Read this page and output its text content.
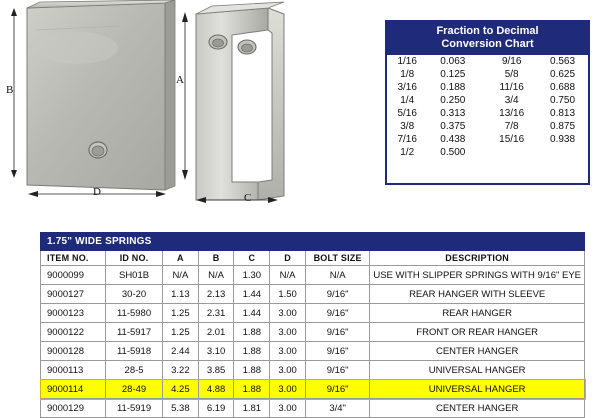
B
A
D	C
Fraction to Decimal
Conversion Chart
1/16	0.063		9/16	0.563
1/8	0.125		5/8	0.625
3/16	0.188		11/16	0.688
1/4	0.250		3/4	0.750
5/16	0.313		13/16	0.813
3/8	0.375		7/8	0.875
7/16	0.438		15/16	0.938
1/2	0.500			
1.75" WIDE SPRINGS							
ITEM NO.	ID NO.	A	B	C	D	BOLT SIZE	DESCRIPTION
9000099	SH01B	N/A	N/A	1.30	N/A	N/A	USE WITH SLIPPER SPRINGS WITH 9/16" EYE
9000127	30-20	1.13	2.13	1.44	1.50	9/16"	REAR HANGER WITH SLEEVE
9000123	11-5980	1.25	2.31	1.44	3.00	9/16"	REAR HANGER
9000122	11-5917	1.25	2.01	1.88	3.00	9/16"	FRONT OR REAR HANGER
9000128	11-5918	2.44	3.10	1.88	3.00	9/16"	CENTER HANGER
9000113	28-5	3.22	3.85	1.88	3.00	9/16"	UNIVERSAL HANGER
9000114	28-49	4.25	4.88	1.88	3.00	9/16"	UNIVERSAL HANGER
9000129	11-5919	5.38	6.19	1.81	3.00	3/4"	CENTER HANGER
